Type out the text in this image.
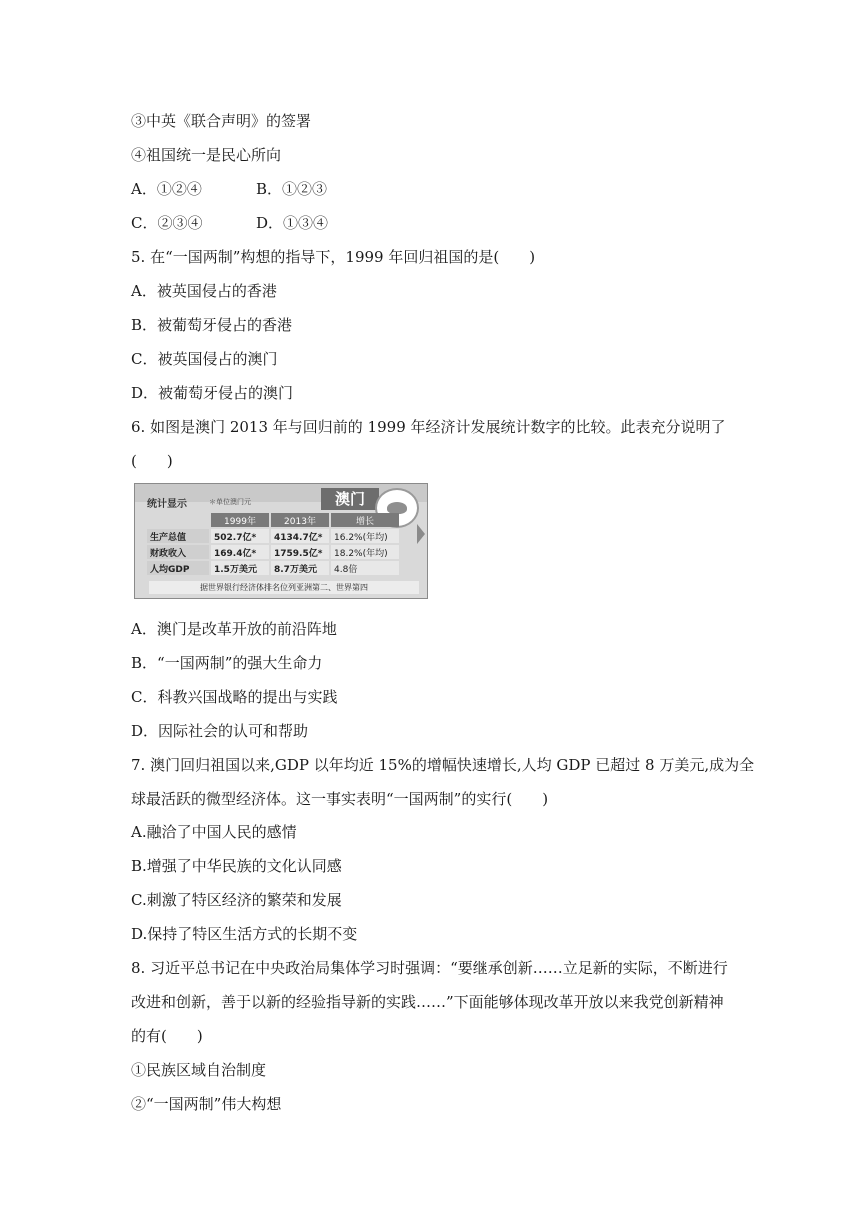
③中英《联合声明》的签署
④祖国统一是民心所向
A．①②④	B．①②③
C．②③④	D．①③④
5. 在“一国两制”构想的指导下，1999 年回归祖国的是(　　)
A．被英国侵占的香港
B．被葡萄牙侵占的香港
C．被英国侵占的澳门
D．被葡萄牙侵占的澳门
6. 如图是澳门 2013 年与回归前的 1999 年经济计发展统计数字的比较。此表充分说明了
(　　)
统计显示	＊单位澳门元	澳门
	1999年	2013年	增长
生产总值	502.7亿*	4134.7亿*	16.2%(年均)
财政收入	169.4亿*	1759.5亿*	18.2%(年均)
人均GDP	1.5万美元	8.7万美元	4.8倍
据世界银行经济体排名位列亚洲第二、世界第四
A．澳门是改革开放的前沿阵地
B．“一国两制”的强大生命力
C．科教兴国战略的提出与实践
D．因际社会的认可和帮助
7. 澳门回归祖国以来,GDP 以年均近 15%的增幅快速增长,人均 GDP 已超过 8 万美元,成为全
球最活跃的微型经济体。这一事实表明“一国两制”的实行(　　)
A.融洽了中国人民的感情
B.增强了中华民族的文化认同感
C.刺激了特区经济的繁荣和发展
D.保持了特区生活方式的长期不变
8. 习近平总书记在中央政治局集体学习时强调：“要继承创新……立足新的实际，不断进行
改进和创新，善于以新的经验指导新的实践……”下面能够体现改革开放以来我党创新精神
的有(　　)
①民族区域自治制度
②“一国两制”伟大构想
